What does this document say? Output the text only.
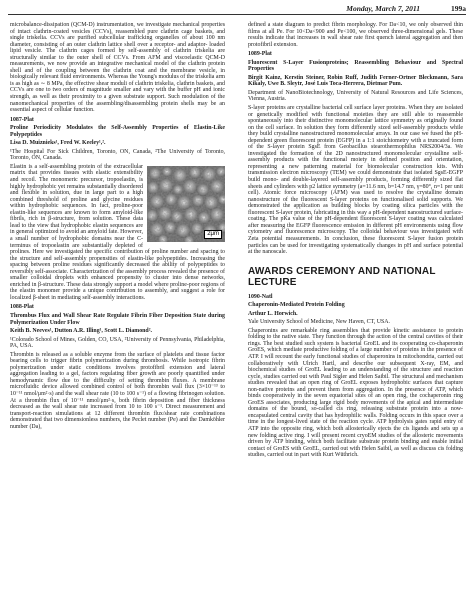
Monday, March 7, 2011	199a

microbalance-dissipation (QCM-D) instrumentation, we investigate mechanical properties of intact clathrin-coated vesicles (CCVs), reassembled pure clathrin cage baskets, and single triskelia. CCVs are purified subcellular trafficking organelles of about 100 nm diameter, consisting of an outer clathrin lattice shell over a receptor- and adaptor- loaded lipid vesicle. The clathrin cages formed by self-assembly of clathrin triskelia are structurally similar to the outer shell of CCVs. From AFM and viscoelastic QCM-D measurements, we now provide an integrative mechanical model of the clathrin protein shell and of the coupling between the clathrin coat and the membrane vesicle, in biologically relevant fluid environments. Whereas the Young's modulus of the triskelia arm is as high as ∼ 8 MPa, the effective shear moduli of clathrin triskelia, clathrin baskets, and CCVs are one to two orders of magnitude smaller and vary with the buffer pH and ionic strength, as well as their proximity to a given substrate support. Such modulation of the nanomechanical properties of the assembling/disassembling protein shells may be an essential aspect of cellular function.

1087-Plat

Proline Periodicity Modulates the Self-Assembly Properties of Elastin-Like Polypeptides

Lisa D. Muiznieks¹, Fred W. Keeley¹,².

¹The Hospital For Sick Children, Toronto, ON, Canada, ²The University of Toronto, Toronto, ON, Canada.

2μm

Elastin is a self-assembling protein of the extracellular matrix that provides tissues with elastic extensibility and recoil. The monomeric precursor, tropoelastin, is highly hydrophobic yet remains substantially disordered and flexible in solution, due in large part to a high combined threshold of proline and glycine residues within hydrophobic sequences. In fact, proline-poor elastin-like sequences are known to form amyloid-like fibrils, rich in β-structure, from solution. These data lead to the view that hydrophobic elastin sequences are in general optimized to avoid an amyloid fate. However, a small number of hydrophobic domains near the C-terminus of tropoelastin are substantially depleted of prolines. Here we investigated the specific contribution of proline number and spacing to the structure and self-assembly propensities of elastin-like polypeptides. Increasing the spacing between proline residues significantly decreased the ability of polypeptides to reversibly self-associate. Characterization of the assembly process revealed the presence of smaller colloidal droplets with enhanced propensity to cluster into dense networks, enriched in β-structure. These data strongly support a model where proline-poor regions of the elastin monomer provide a unique contribution to assembly, and suggest a role for localized β-sheet in mediating self-assembly interactions.

1088-Plat

Thrombus Flux and Wall Shear Rate Regulate Fibrin Fiber Deposition State during Polymerization Under Flow

Keith B. Neeves¹, Dutton A.R. Illing¹, Scott L. Diamond².

¹Colorado School of Mines, Golden, CO, USA, ²University of Pennsylvania, Philadelphia, PA, USA.

Thrombin is released as a soluble enzyme from the surface of platelets and tissue factor bearing cells to trigger fibrin polymerization during thrombosis. While isotropic fibrin polymerization under static conditions involves protofibril extension and lateral aggregation leading to a gel, factors regulating fiber growth are poorly quantified under hemodynamic flow due to the difficulty of setting thrombin fluxes. A membrane microfluidic device allowed combined control of both thrombin wall flux (3×10⁻¹³ to 10⁻¹¹ nmol/μm²·s) and the wall shear rate (10 to 100 s⁻¹) of a flowing fibrinogen solution. At a thrombin flux of 10⁻¹¹ nmol/μm²·s, both fibrin deposition and fiber thickness decreased as the wall shear rate increased from 10 to 100 s⁻¹. Direct measurement and transport-reaction simulations at 12 different thrombin flux/shear rate combinations demonstrated that two dimensionless numbers, the Peclet number (Pe) and the Damköhler number (Da),

defined a state diagram to predict fibrin morphology. For Da<10, we only observed thin films at all Pe. For 10<Da<900 and Pe<100, we observed three-dimensional gels. These results indicate that increases in wall shear rate first quench lateral aggregation and then protofibril extension.

1089-Plat

Fluorescent S-Layer Fusionproteins; Reassembling Behaviour and Spectral Properties

Birgit Kainz, Kerstin Steiner, Robin Ruff, Judith Ferner-Ortner Bleckmann, Sara Kikaly, Uwe B. Sleytr, José Luis Toca-Herrera, Dietmar Pum.

Department of NanoBiotechnology, University of Natural Resources and Life Sciences, Vienna, Austria.

S-layer proteins are crystalline bacterial cell surface layer proteins. When they are isolated or genetically modified with functional moieties they are still able to reassemble spontaneously into their distinctive monomolecular lattice symmetry as originally found on the cell surface. In solution they form differently sized self-assembly products while they build crystalline nanostructured monomolecular arrays. In our case we fused the pH-dependent green fluorescent protein (EGFP) in a 1:1 stoichiometry with a truncated form of the S-layer protein SgsE from Geobacillus stearothermophilus NRS2004/3a. We investigated the formation of the 2D nanostructured monomolecular crystalline self-assembly products with the functional moiety in defined position and orientation, representing a new patterning material for biomolecular construction kits. With transmission electron microscopy (TEM) we could demonstrate that isolated SgsE-EGFP build mono- and double-layered self-assembly products, forming differently sized flat sheets and cylinders with p2 lattice symmetry (a=11.6 nm, b=14.7 nm, γ=80°, n=1 per unit cell). Atomic force microscopy (AFM) was used to resolve the crystalline domain nanostructure of the fluorescent S-layer proteins on functionalised solid supports. We demonstrated the application as building blocks by coating silica particles with the fluorescent S-layer protein, fabricating in this way a pH-dependent nanostructured surface-coating. The pKa value of the pH-dependent fluorescent S-layer coating was calculated after measuring the EGFP fluorescence emission in different pH environments using flow cytometry and fluorescence microscopy. The colloidal behaviour was investigated with Zeta potential measurements. In conclusion, these fluorescent S-layer fusion protein particles can be used for investigating systematically changes in pH and surface potential at the nanoscale.

AWARDS CEREMONY AND NATIONAL LECTURE

1090-Natl

Chaperonin-Mediated Protein Folding

Arthur L. Horwich.

Yale University School of Medicine, New Haven, CT, USA.

Chaperonins are remarkable ring assemblies that provide kinetic assistance to protein folding to the native state. They function through the action of the central cavities of their rings. The best studied such system is bacterial GroEL and its cooperating co-chaperonin GroES, which mediate productive folding of a large number of proteins in the presence of ATP. I will recount the early functional studies of chaperonins in mitochondria, carried out collaboratively with Ulrich Hartl, and describe our subsequent X-ray, EM, and biochemical studies of GroEL leading to an understanding of the structure and reaction cycle, studies carried out with Paul Sigler and Helen Saibil. The structural and mechanism studies revealed that an open ring of GroEL exposes hydrophobic surfaces that capture non-native proteins and prevent them from aggregation. In the presence of ATP, which binds cooperatively in the seven equatorial sites of an open ring, the cochaperonin ring GroES associates, producing large rigid body movements of the apical and intermediate domains of the bound, so-called cis ring, releasing substrate protein into a now-encapsulated central cavity that has hydrophilic walls. Folding occurs in this space over a time in the longest-lived state of the reaction cycle. ATP hydrolysis gates rapid entry of ATP into the opposite ring, which both allosterically ejects the cis ligands and sets up a new folding active ring. I will present recent cryoEM studies of the allosteric movements driven by ATP binding, which both facilitate substrate protein binding and enable initial contact of GroES with GroEL, carried out with Helen Saibil, as well as discuss cis folding studies, carried out in part with Kurt Wüthrich.
